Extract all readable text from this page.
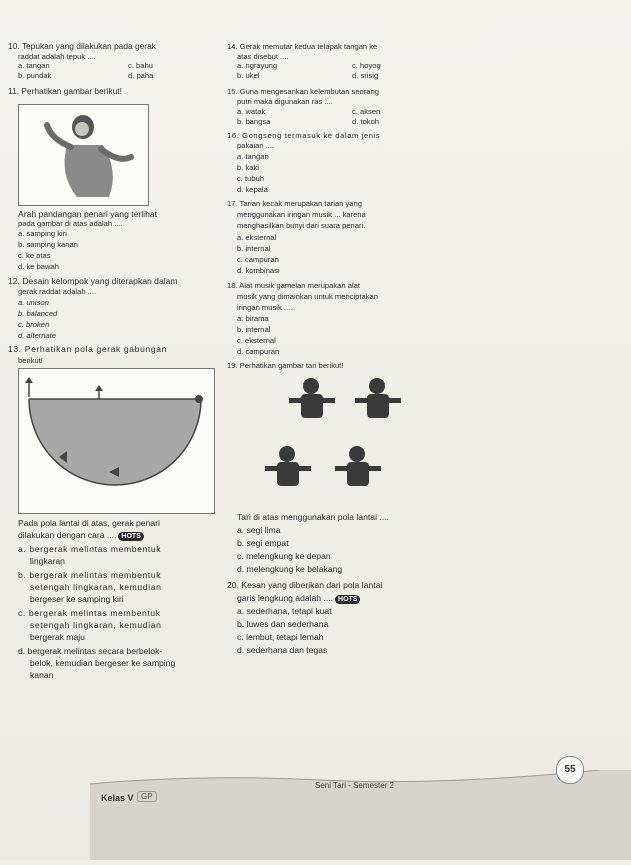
10. Tepukan yang dilakukan pada gerak
raddat adalah tepuk ....
a. tangan	c. bahu
b. pundak	d. paha
11. Perhatikan gambar berikut!
Arah pandangan penari yang terlihat
pada gambar di atas adalah ....
a. samping kiri
b. samping kanan
c. ke atas
d. ke bawah
12. Desain kelompok yang diterapkan dalam
gerak raddat adalah ....
a. unison
b. balanced
c. broken
d. alternate
13. Perhatikan pola gerak gabungan
berikut!
Pada pola lantai di atas, gerak penari
dilakukan dengan cara .... HOTS
a. bergerak melintas membentuk
lingkaran
b. bergerak melintas membentuk
setengah lingkaran, kemudian
bergeser ke samping kiri
c. bergerak melintas membentuk
setengah lingkaran, kemudian
bergerak maju
d. bergerak melintas secara berbelok-
belok, kemudian bergeser ke samping
kanan
14. Gerak memutar kedua telapak tangan ke
atas disebut ....
a. ngrayung	c. hoyog
b. ukel	d. srisig
15. Guna mengesankan kelembutan seorang
putri maka digunakan ras ....
a. watak	c. aksen
b. bangsa	d. tokoh
16. Gongseng termasuk ke dalam jenis
pakaian ....
a. tangan
b. kaki
c. tubuh
d. kepala
17. Tarian kecak merupakan tarian yang
menggunakan iringan musik ... karena
menghasilkan bunyi dari suara penari.
a. eksternal
b. internal
c. campuran
d. kombinasi
18. Alat musik gamelan merupakan alat
musik yang dimainkan untuk menciptakan
iringan musik ....
a. birama
b. internal
c. eksternal
d. campuran
19. Perhatikan gambar tari berikut!
Tari di atas menggunakan pola lantai ....
a. segi lima
b. segi empat
c. melengkung ke depan
d. melengkung ke belakang
20. Kesan yang diberikan dari pola lantai
garis lengkung adalah .... HOTS
a. sederhana, tetapi kuat
b. luwes dan sederhana
c. lembut, tetapi lemah
d. sederhana dan tegas
Kelas V GP
Seni Tari - Semester 2
55
